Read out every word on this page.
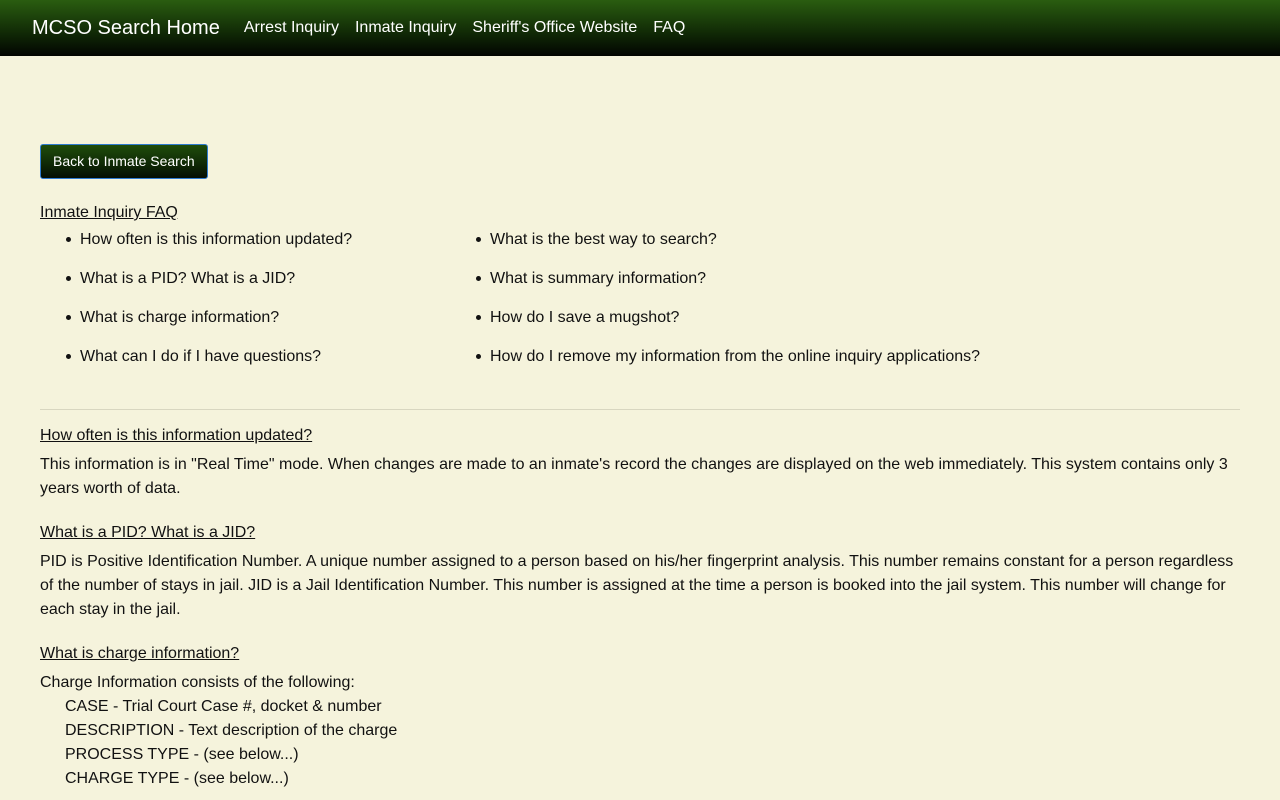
MCSO Search Home Arrest Inquiry Inmate Inquiry Sheriff's Office Website FAQ
Back to Inmate Search
Inmate Inquiry FAQ
How often is this information updated?
What is a PID? What is a JID?
What is charge information?
What can I do if I have questions?
What is the best way to search?
What is summary information?
How do I save a mugshot?
How do I remove my information from the online inquiry applications?
How often is this information updated?
This information is in "Real Time" mode. When changes are made to an inmate's record the changes are displayed on the web immediately. This system contains only 3 years worth of data.
What is a PID? What is a JID?
PID is Positive Identification Number. A unique number assigned to a person based on his/her fingerprint analysis. This number remains constant for a person regardless of the number of stays in jail. JID is a Jail Identification Number. This number is assigned at the time a person is booked into the jail system. This number will change for each stay in the jail.
What is charge information?
Charge Information consists of the following:
CASE - Trial Court Case #, docket & number
DESCRIPTION - Text description of the charge
PROCESS TYPE - (see below...)
CHARGE TYPE - (see below...)
